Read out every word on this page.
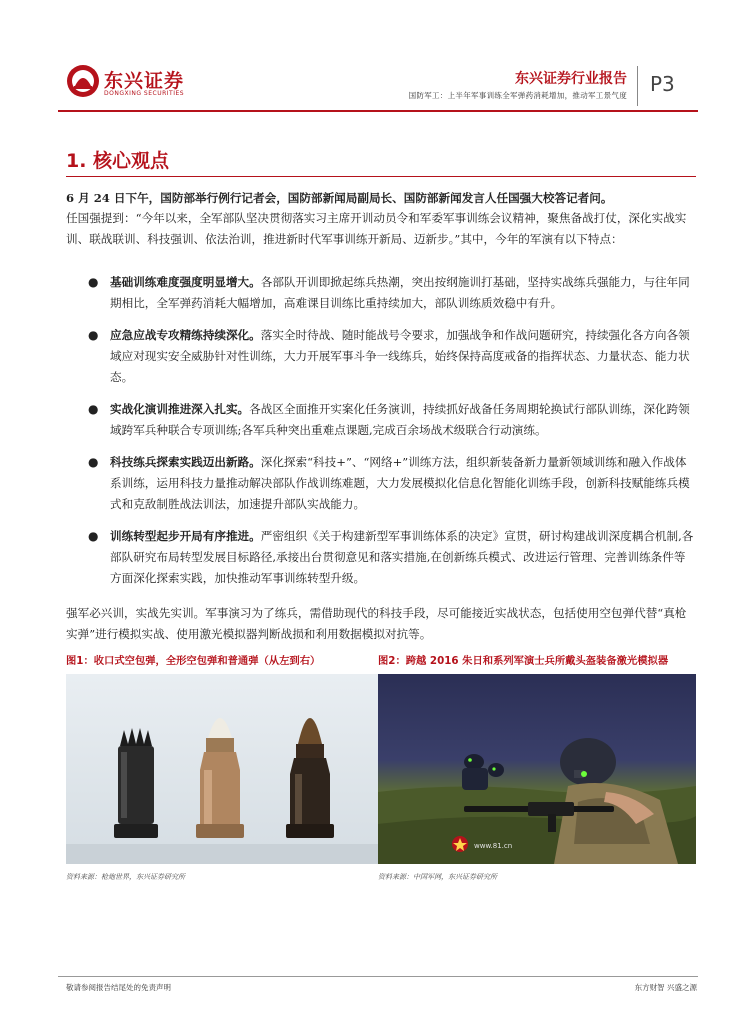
东兴证券
DONGXING SECURITIES
东兴证券行业报告
国防军工：上半年军事训练全军弹药消耗增加，推动军工景气度 P3
1. 核心观点

6 月 24 日下午，国防部举行例行记者会，国防部新闻局副局长、国防部新闻发言人任国强大校答记者问。

任国强提到：“今年以来，全军部队坚决贯彻落实习主席开训动员令和军委军事训练会议精神，聚焦备战打仗，深化实战实训、联战联训、科技强训、依法治训，推进新时代军事训练开新局、迈新步。”其中，今年的军演有以下特点：

● 基础训练难度强度明显增大。各部队开训即掀起练兵热潮，突出按纲施训打基础，坚持实战练兵强能力，与往年同期相比，全军弹药消耗大幅增加，高难课目训练比重持续加大，部队训练质效稳中有升。
● 应急应战专攻精练持续深化。落实全时待战、随时能战号令要求，加强战争和作战问题研究，持续强化各方向各领域应对现实安全威胁针对性训练，大力开展军事斗争一线练兵，始终保持高度戒备的指挥状态、力量状态、能力状态。
● 实战化演训推进深入扎实。各战区全面推开实案化任务演训，持续抓好战备任务周期轮换试行部队训练，深化跨领域跨军兵种联合专项训练;各军兵种突出重难点课题,完成百余场战术级联合行动演练。
● 科技练兵探索实践迈出新路。深化探索“科技+”、“网络+”训练方法，组织新装备新力量新领域训练和融入作战体系训练，运用科技力量推动解决部队作战训练难题，大力发展模拟化信息化智能化训练手段，创新科技赋能练兵模式和克敌制胜战法训法，加速提升部队实战能力。
● 训练转型起步开局有序推进。严密组织《关于构建新型军事训练体系的决定》宣贯，研讨构建战训深度耦合机制,各部队研究布局转型发展目标路径,承接出台贯彻意见和落实措施,在创新练兵模式、改进运行管理、完善训练条件等方面深化探索实践，加快推动军事训练转型升级。

强军必兴训，实战先实训。军事演习为了练兵，需借助现代的科技手段，尽可能接近实战状态，包括使用空包弹代替“真枪实弹”进行模拟实战、使用激光模拟器判断战损和利用数据模拟对抗等。

图1：收口式空包弹，全形空包弹和普通弹（从左到右）
资料来源：枪炮世界，东兴证券研究所
图2：跨越 2016 朱日和系列军演士兵所戴头盔装备激光模拟器
www.81.cn
资料来源：中国军网，东兴证券研究所
敬请参阅报告结尾处的免责声明	东方财智 兴盛之源
